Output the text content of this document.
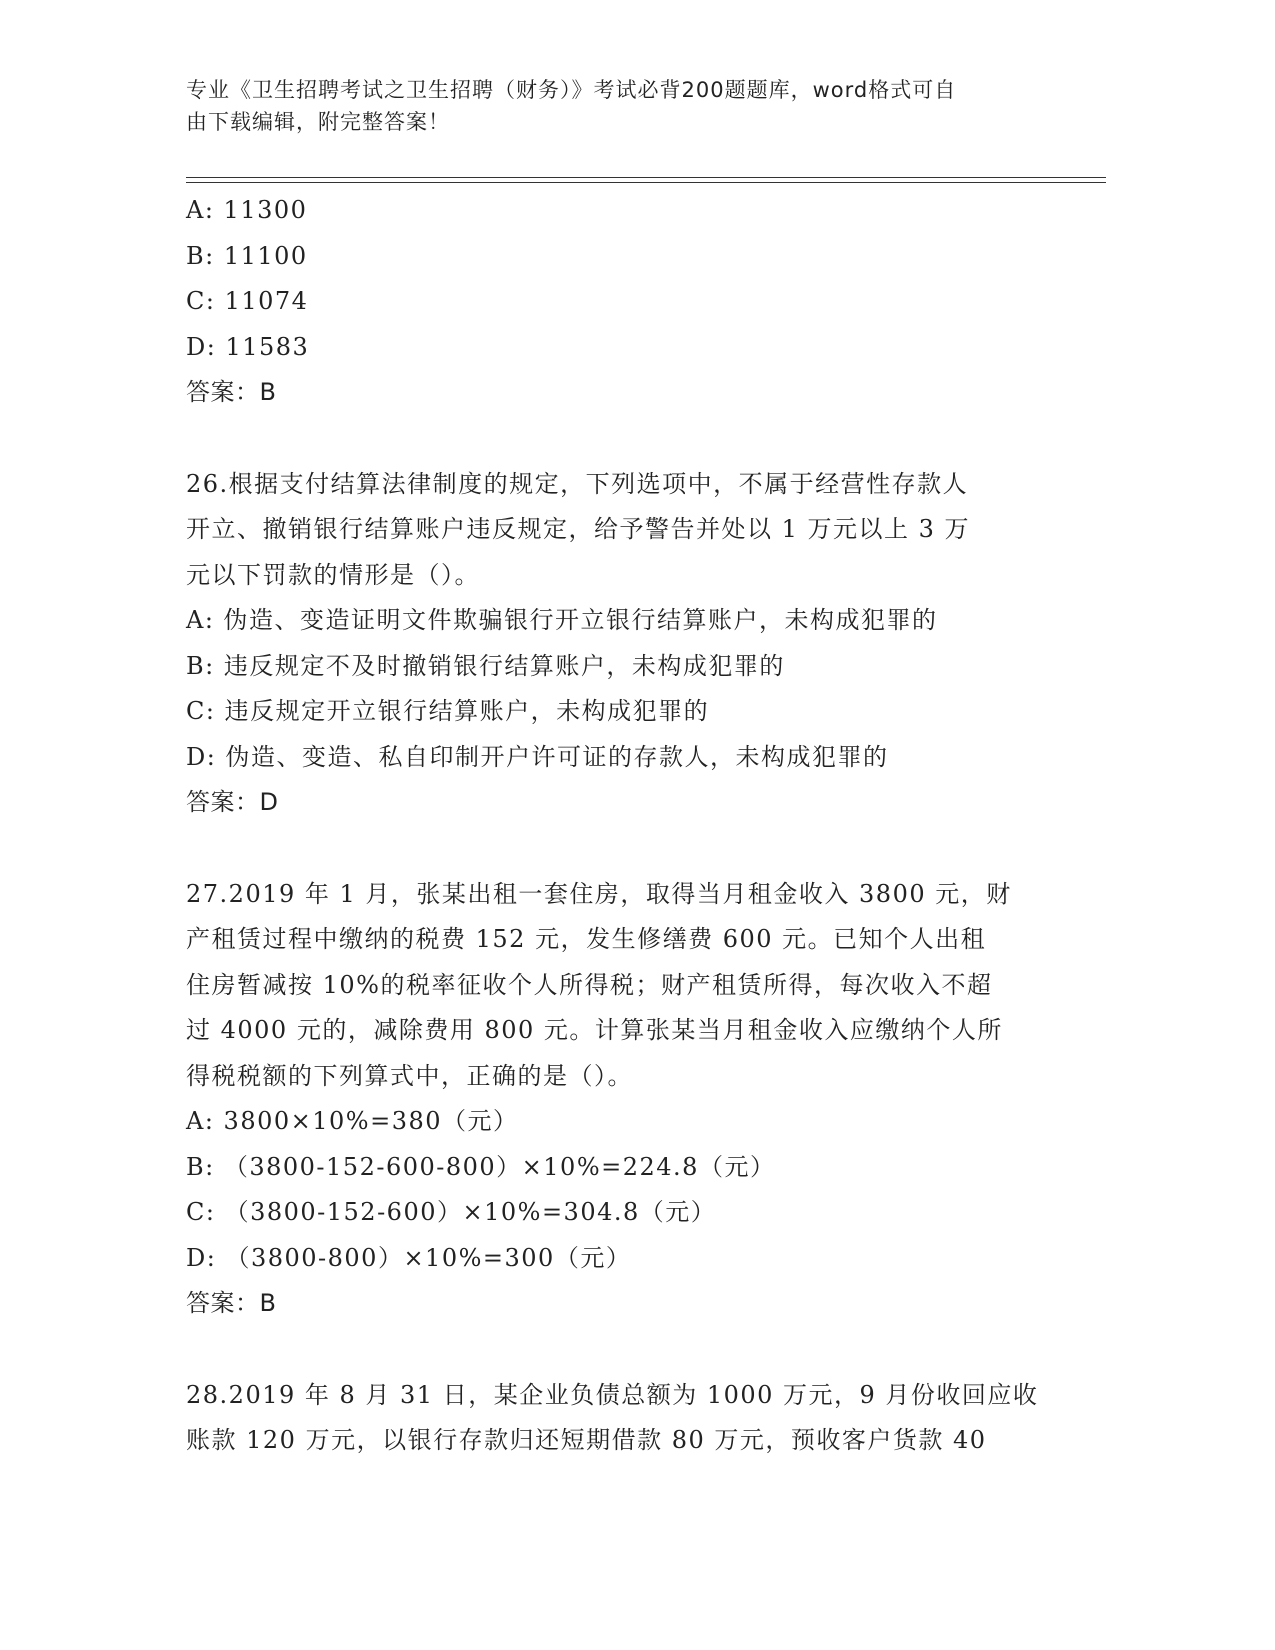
专业《卫生招聘考试之卫生招聘（财务）》考试必背200题题库，word格式可自
由下载编辑，附完整答案！
A: 11300
B: 11100
C: 11074
D: 11583
答案：B
26.根据支付结算法律制度的规定，下列选项中，不属于经营性存款人
开立、撤销银行结算账户违反规定，给予警告并处以 1 万元以上 3 万
元以下罚款的情形是（）。
A: 伪造、变造证明文件欺骗银行开立银行结算账户，未构成犯罪的
B: 违反规定不及时撤销银行结算账户，未构成犯罪的
C: 违反规定开立银行结算账户，未构成犯罪的
D: 伪造、变造、私自印制开户许可证的存款人，未构成犯罪的
答案：D
27.2019 年 1 月，张某出租一套住房，取得当月租金收入 3800 元，财
产租赁过程中缴纳的税费 152 元，发生修缮费 600 元。已知个人出租
住房暂减按 10%的税率征收个人所得税；财产租赁所得，每次收入不超
过 4000 元的，减除费用 800 元。计算张某当月租金收入应缴纳个人所
得税税额的下列算式中，正确的是（）。
A: 3800×10%=380（元）
B: （3800-152-600-800）×10%=224.8（元）
C: （3800-152-600）×10%=304.8（元）
D: （3800-800）×10%=300（元）
答案：B
28.2019 年 8 月 31 日，某企业负债总额为 1000 万元，9 月份收回应收
账款 120 万元，以银行存款归还短期借款 80 万元，预收客户货款 40
